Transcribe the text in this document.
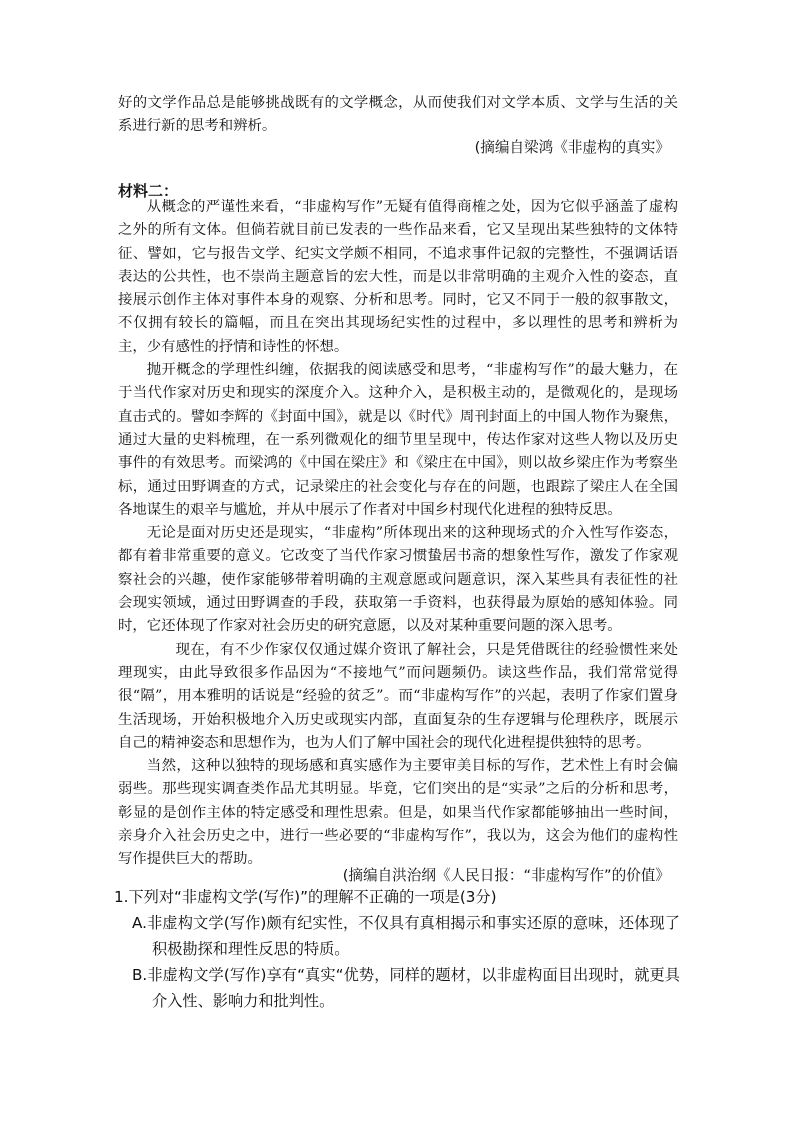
好的文学作品总是能够挑战既有的文学概念，从而使我们对文学本质、文学与生活的关系进行新的思考和辨析。

(摘编自梁鸿《非虚构的真实》
材料二：

从概念的严谨性来看，“非虚构写作”无疑有值得商榷之处，因为它似乎涵盖了虚构之外的所有文体。但倘若就目前已发表的一些作品来看，它又呈现出某些独特的文体特征、譬如，它与报告文学、纪实文学颇不相同，不追求事件记叙的完整性，不强调话语表达的公共性，也不崇尚主题意旨的宏大性，而是以非常明确的主观介入性的姿态，直接展示创作主体对事件本身的观察、分析和思考。同时，它又不同于一般的叙事散文，不仅拥有较长的篇幅，而且在突出其现场纪实性的过程中，多以理性的思考和辨析为主，少有感性的抒情和诗性的怀想。

抛开概念的学理性纠缠，依据我的阅读感受和思考，“非虚构写作”的最大魅力，在于当代作家对历史和现实的深度介入。这种介入，是积极主动的，是微观化的，是现场直击式的。譬如李辉的《封面中国》，就是以《时代》周刊封面上的中国人物作为聚焦，通过大量的史料梳理，在一系列微观化的细节里呈现中，传达作家对这些人物以及历史事件的有效思考。而梁鸿的《中国在梁庄》和《梁庄在中国》，则以故乡梁庄作为考察坐标，通过田野调查的方式，记录梁庄的社会变化与存在的问题，也跟踪了梁庄人在全国各地谋生的艰辛与尴尬，并从中展示了作者对中国乡村现代化进程的独特反思。

无论是面对历史还是现实，“非虚构”所体现出来的这种现场式的介入性写作姿态，都有着非常重要的意义。它改变了当代作家习惯蛰居书斋的想象性写作，激发了作家观察社会的兴趣，使作家能够带着明确的主观意愿或问题意识，深入某些具有表征性的社会现实领域，通过田野调查的手段，获取第一手资料，也获得最为原始的感知体验。同时，它还体现了作家对社会历史的研究意愿，以及对某种重要问题的深入思考。

现在，有不少作家仅仅通过媒介资讯了解社会，只是凭借既往的经验惯性来处理现实，由此导致很多作品因为“不接地气”而问题频仍。读这些作品，我们常常觉得很“隔”，用本雅明的话说是“经验的贫乏”。而“非虚构写作”的兴起，表明了作家们置身生活现场，开始积极地介入历史或现实内部，直面复杂的生存逻辑与伦理秩序，既展示自己的精神姿态和思想作为，也为人们了解中国社会的现代化进程提供独特的思考。

当然，这种以独特的现场感和真实感作为主要审美目标的写作，艺术性上有时会偏弱些。那些现实调查类作品尤其明显。毕竟，它们突出的是“实录”之后的分析和思考，彰显的是创作主体的特定感受和理性思索。但是，如果当代作家都能够抽出一些时间，亲身介入社会历史之中，进行一些必要的“非虚构写作”，我以为，这会为他们的虚构性写作提供巨大的帮助。

(摘编自洪治纲《人民日报：“非虚构写作”的价值》

1.下列对“非虚构文学(写作)”的理解不正确的一项是(3分)

A.非虚构文学(写作)颇有纪实性，不仅具有真相揭示和事实还原的意味，还体现了积极勘探和理性反思的特质。

B.非虚构文学(写作)享有“真实“优势，同样的题材，以非虚构面目出现时，就更具介入性、影响力和批判性。
